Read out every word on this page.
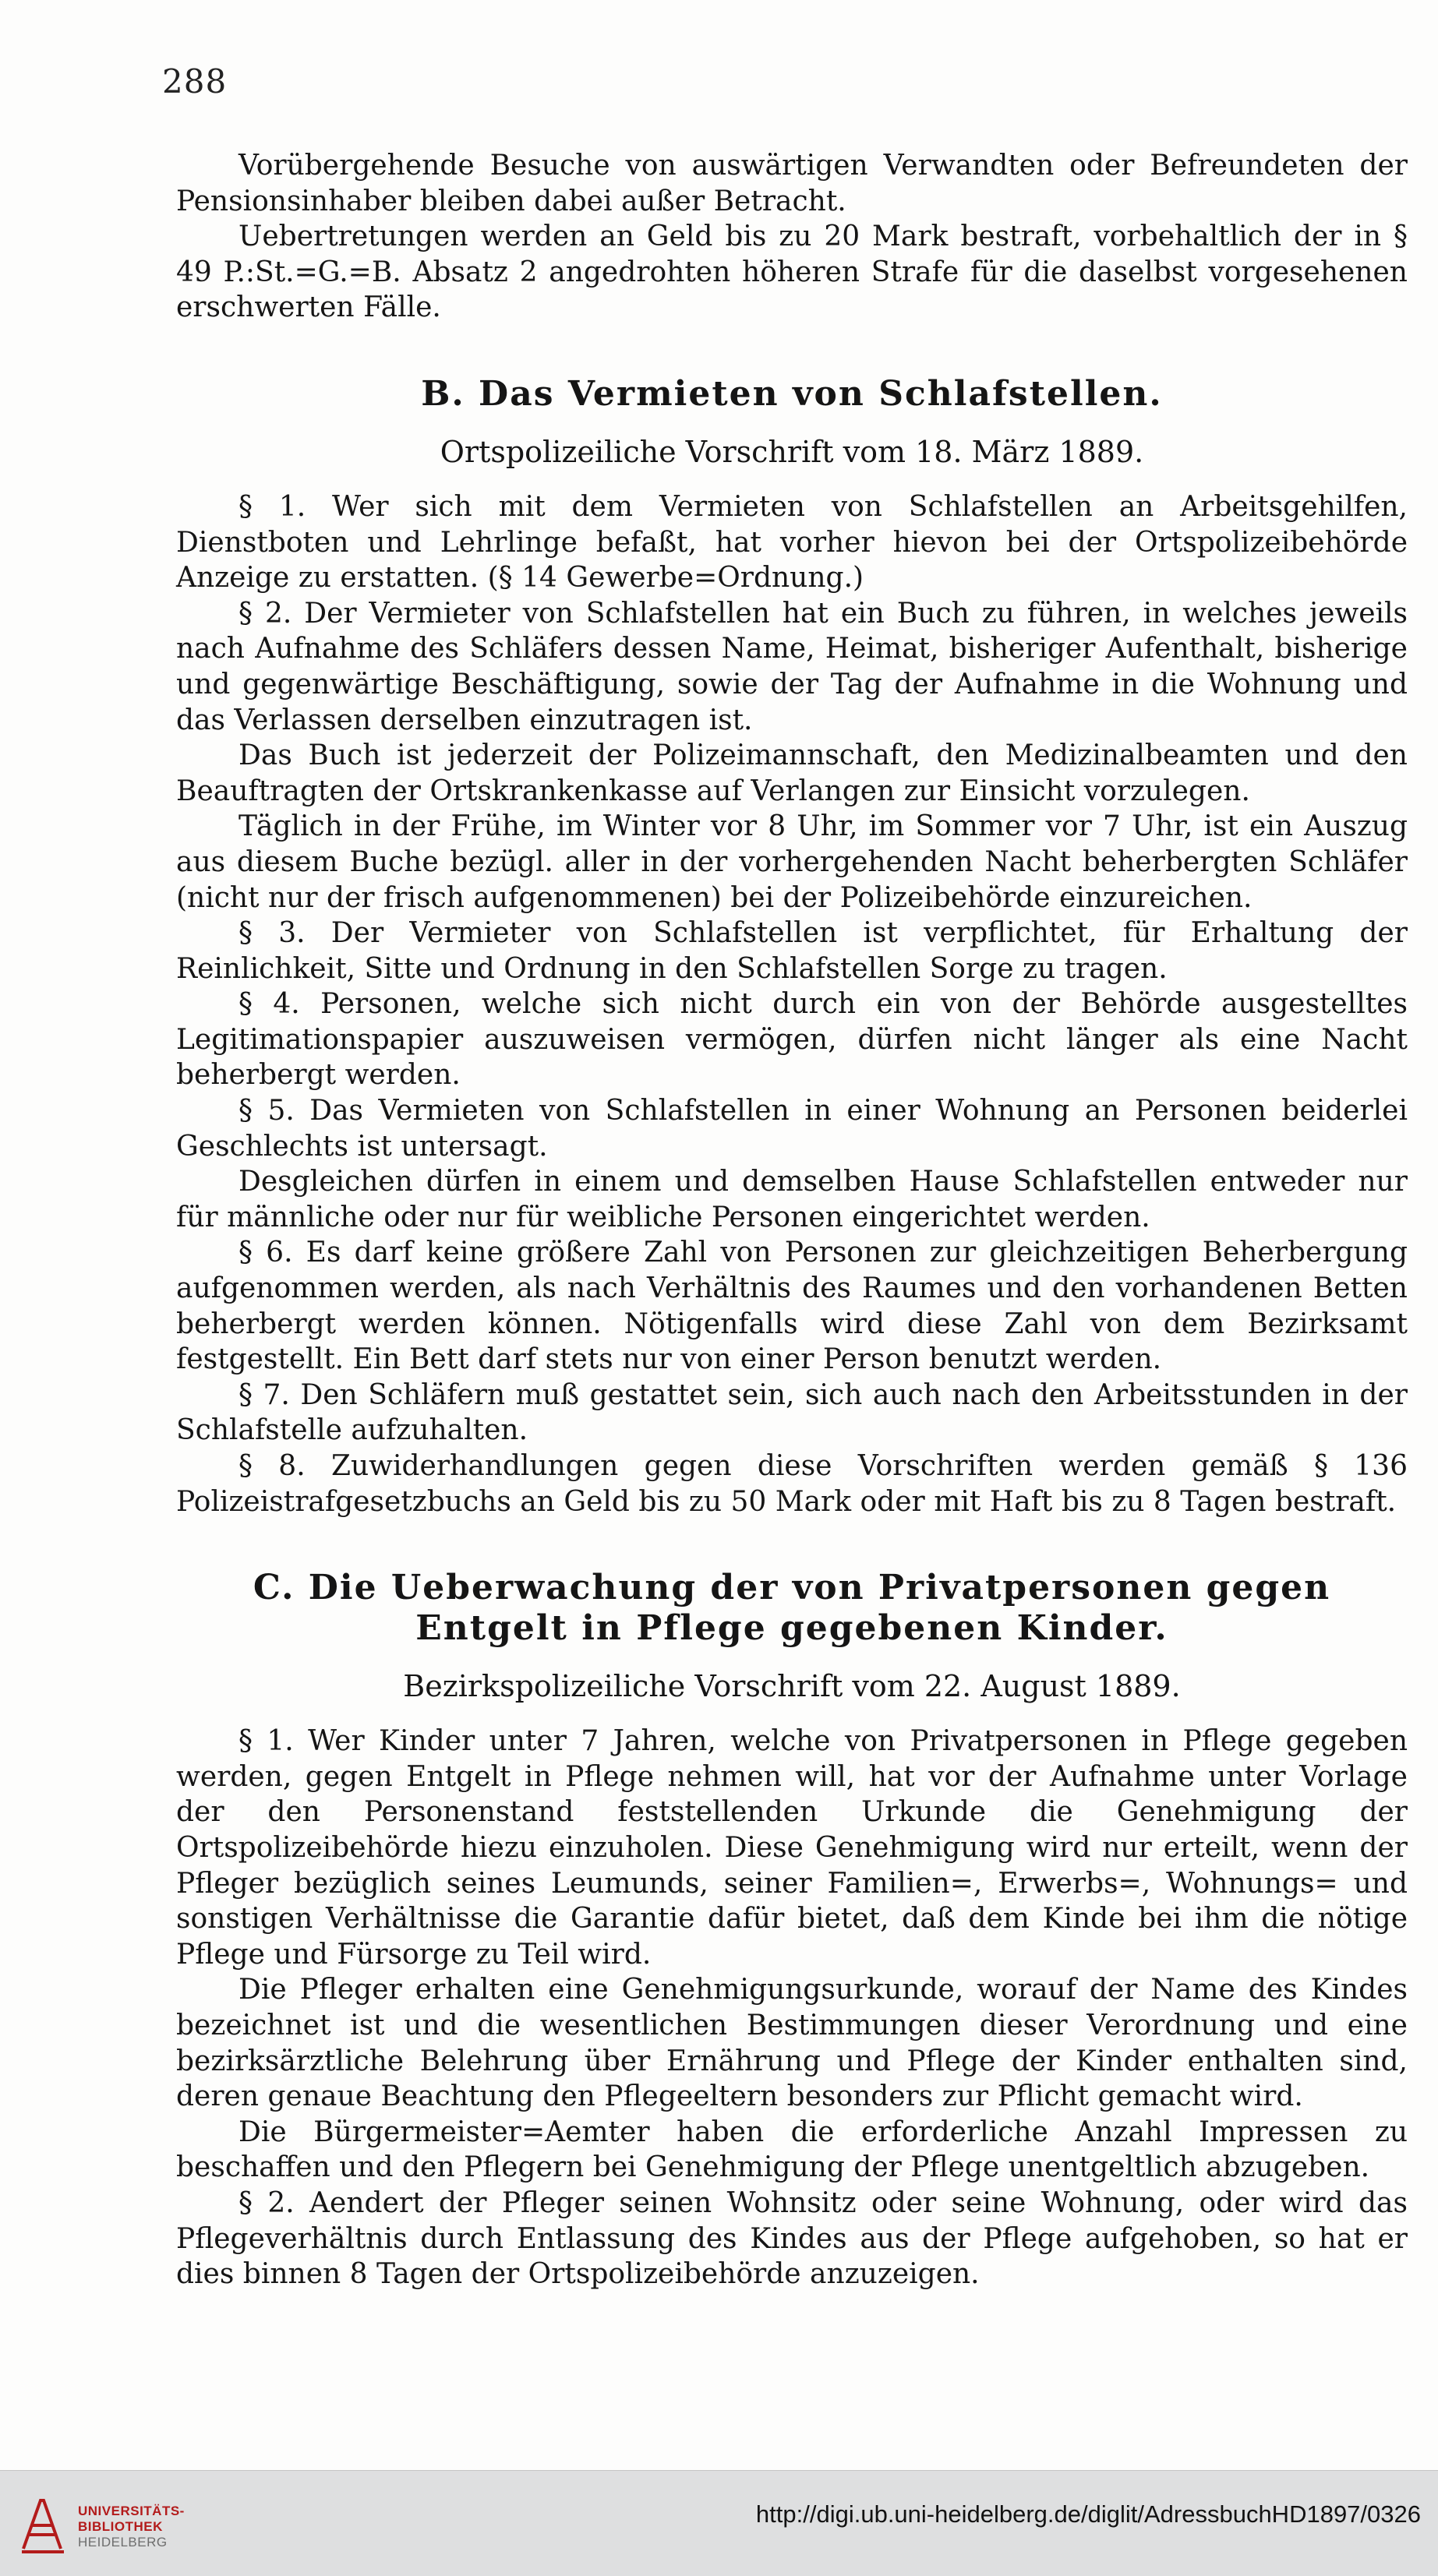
288

Vorübergehende Besuche von auswärtigen Verwandten oder Befreundeten der Pensionsinhaber bleiben dabei außer Betracht.

Uebertretungen werden an Geld bis zu 20 Mark bestraft, vorbehaltlich der in § 49 P.:St.=G.=B. Absatz 2 angedrohten höheren Strafe für die daselbst vorgesehenen erschwerten Fälle.

B. Das Vermieten von Schlafstellen.
Ortspolizeiliche Vorschrift vom 18. März 1889.

§ 1. Wer sich mit dem Vermieten von Schlafstellen an Arbeitsgehilfen, Dienstboten und Lehrlinge befaßt, hat vorher hievon bei der Ortspolizeibehörde Anzeige zu erstatten. (§ 14 Gewerbe=Ordnung.)

§ 2. Der Vermieter von Schlafstellen hat ein Buch zu führen, in welches jeweils nach Aufnahme des Schläfers dessen Name, Heimat, bisheriger Aufenthalt, bisherige und gegenwärtige Beschäftigung, sowie der Tag der Aufnahme in die Wohnung und das Verlassen derselben einzutragen ist.

Das Buch ist jederzeit der Polizeimannschaft, den Medizinalbeamten und den Beauftragten der Ortskrankenkasse auf Verlangen zur Einsicht vorzulegen.

Täglich in der Frühe, im Winter vor 8 Uhr, im Sommer vor 7 Uhr, ist ein Auszug aus diesem Buche bezügl. aller in der vorhergehenden Nacht beherbergten Schläfer (nicht nur der frisch aufgenommenen) bei der Polizeibehörde einzureichen.

§ 3. Der Vermieter von Schlafstellen ist verpflichtet, für Erhaltung der Reinlichkeit, Sitte und Ordnung in den Schlafstellen Sorge zu tragen.

§ 4. Personen, welche sich nicht durch ein von der Behörde ausgestelltes Legitimationspapier auszuweisen vermögen, dürfen nicht länger als eine Nacht beherbergt werden.

§ 5. Das Vermieten von Schlafstellen in einer Wohnung an Personen beiderlei Geschlechts ist untersagt.

Desgleichen dürfen in einem und demselben Hause Schlafstellen entweder nur für männliche oder nur für weibliche Personen eingerichtet werden.

§ 6. Es darf keine größere Zahl von Personen zur gleichzeitigen Beherbergung aufgenommen werden, als nach Verhältnis des Raumes und den vorhandenen Betten beherbergt werden können. Nötigenfalls wird diese Zahl von dem Bezirksamt festgestellt. Ein Bett darf stets nur von einer Person benutzt werden.

§ 7. Den Schläfern muß gestattet sein, sich auch nach den Arbeitsstunden in der Schlafstelle aufzuhalten.

§ 8. Zuwiderhandlungen gegen diese Vorschriften werden gemäß § 136 Polizeistrafgesetzbuchs an Geld bis zu 50 Mark oder mit Haft bis zu 8 Tagen bestraft.

C. Die Ueberwachung der von Privatpersonen gegen Entgelt in Pflege gegebenen Kinder.
Bezirkspolizeiliche Vorschrift vom 22. August 1889.

§ 1. Wer Kinder unter 7 Jahren, welche von Privatpersonen in Pflege gegeben werden, gegen Entgelt in Pflege nehmen will, hat vor der Aufnahme unter Vorlage der den Personenstand feststellenden Urkunde die Genehmigung der Ortspolizeibehörde hiezu einzuholen. Diese Genehmigung wird nur erteilt, wenn der Pfleger bezüglich seines Leumunds, seiner Familien=, Erwerbs=, Wohnungs= und sonstigen Verhältnisse die Garantie dafür bietet, daß dem Kinde bei ihm die nötige Pflege und Fürsorge zu Teil wird.

Die Pfleger erhalten eine Genehmigungsurkunde, worauf der Name des Kindes bezeichnet ist und die wesentlichen Bestimmungen dieser Verordnung und eine bezirksärztliche Belehrung über Ernährung und Pflege der Kinder enthalten sind, deren genaue Beachtung den Pflegeeltern besonders zur Pflicht gemacht wird.

Die Bürgermeister=Aemter haben die erforderliche Anzahl Impressen zu beschaffen und den Pflegern bei Genehmigung der Pflege unentgeltlich abzugeben.

§ 2. Aendert der Pfleger seinen Wohnsitz oder seine Wohnung, oder wird das Pflegeverhältnis durch Entlassung des Kindes aus der Pflege aufgehoben, so hat er dies binnen 8 Tagen der Ortspolizeibehörde anzuzeigen.

UNIVERSITÄTS-
BIBLIOTHEK
HEIDELBERG
http://digi.ub.uni-heidelberg.de/diglit/AdressbuchHD1897/0326
